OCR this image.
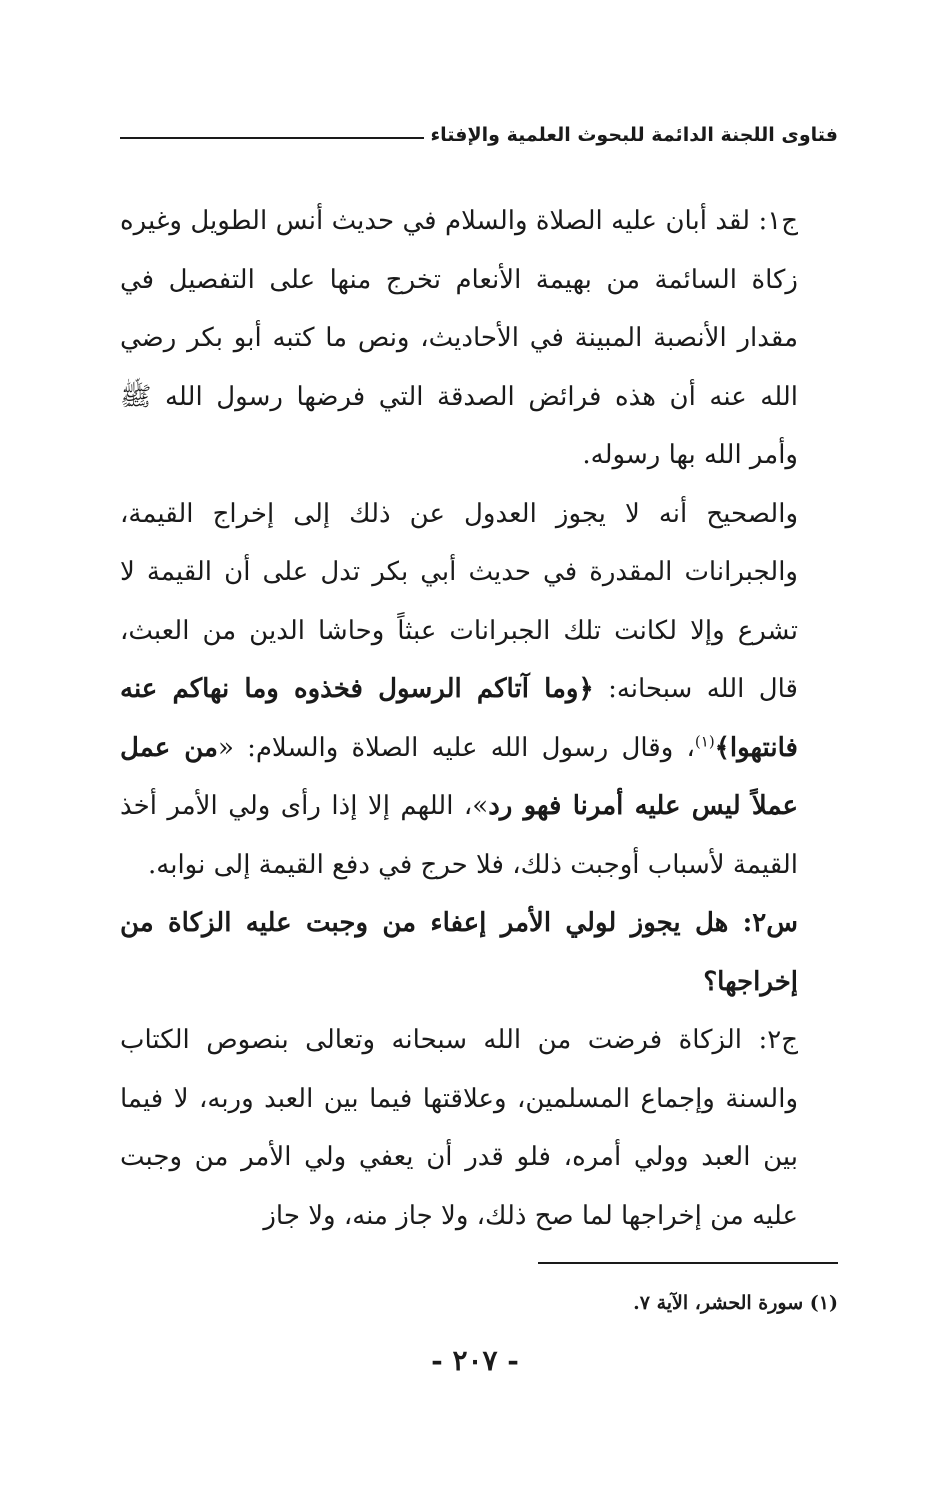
فتاوى اللجنة الدائمة للبحوث العلمية والإفتاء

ج١: لقد أبان عليه الصلاة والسلام في حديث أنس الطويل وغيره زكاة السائمة من بهيمة الأنعام تخرج منها على التفصيل في مقدار الأنصبة المبينة في الأحاديث، ونص ما كتبه أبو بكر رضي الله عنه أن هذه فرائض الصدقة التي فرضها رسول الله ﷺ وأمر الله بها رسوله.

والصحيح أنه لا يجوز العدول عن ذلك إلى إخراج القيمة، والجبرانات المقدرة في حديث أبي بكر تدل على أن القيمة لا تشرع وإلا لكانت تلك الجبرانات عبثاً وحاشا الدين من العبث، قال الله سبحانه: ﴿وما آتاكم الرسول فخذوه وما نهاكم عنه فانتهوا﴾$^{(١)}$، وقال رسول الله عليه الصلاة والسلام: «من عمل عملاً ليس عليه أمرنا فهو رد»، اللهم إلا إذا رأى ولي الأمر أخذ القيمة لأسباب أوجبت ذلك، فلا حرج في دفع القيمة إلى نوابه.

س٢: هل يجوز لولي الأمر إعفاء من وجبت عليه الزكاة من إخراجها؟

ج٢: الزكاة فرضت من الله سبحانه وتعالى بنصوص الكتاب والسنة وإجماع المسلمين، وعلاقتها فيما بين العبد وربه، لا فيما بين العبد وولي أمره، فلو قدر أن يعفي ولي الأمر من وجبت عليه من إخراجها لما صح ذلك، ولا جاز منه، ولا جاز

(١) سورة الحشر، الآية ٧.
- ٢٠٧ -
